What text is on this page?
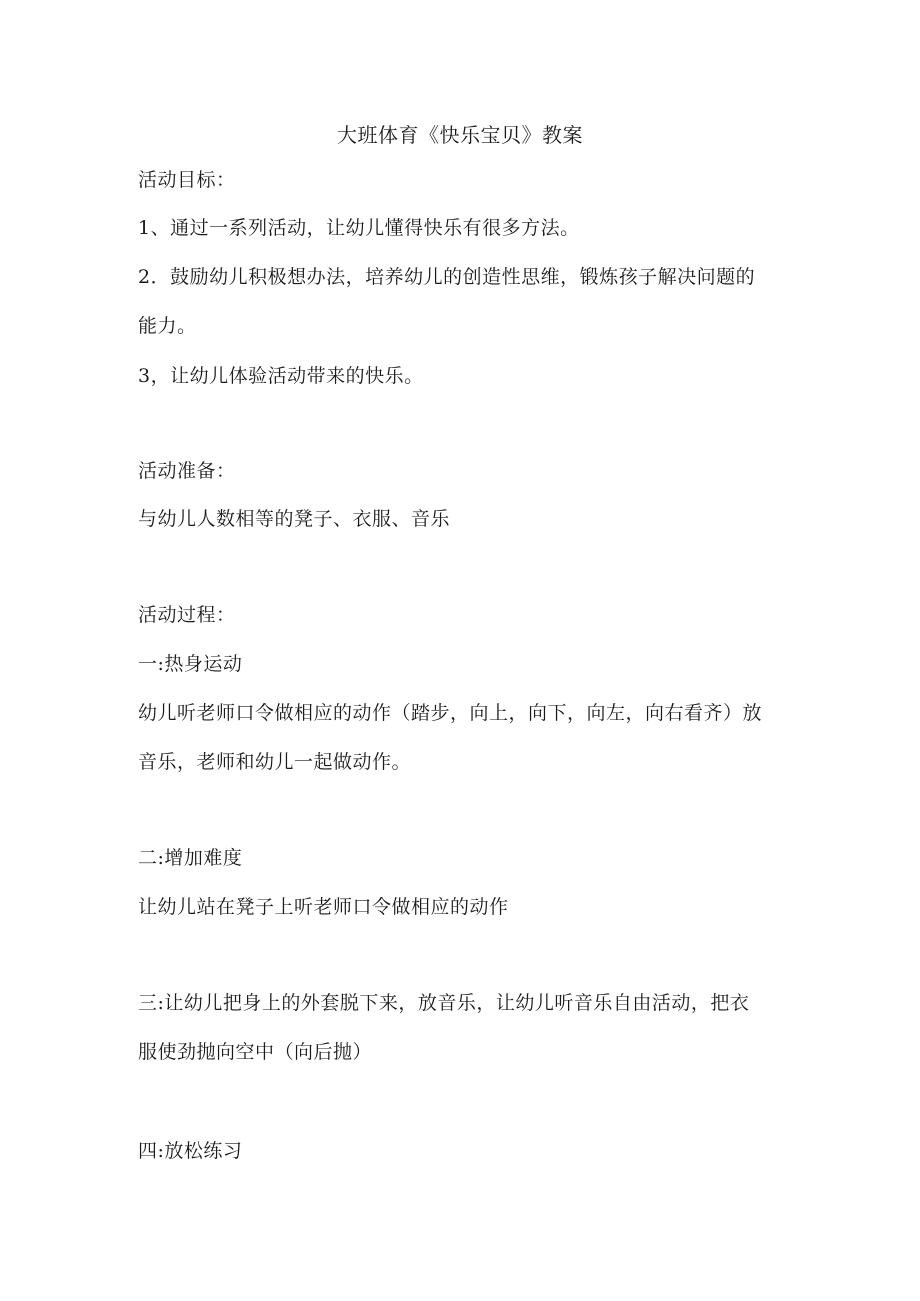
大班体育《快乐宝贝》教案
活动目标：
1、通过一系列活动，让幼儿懂得快乐有很多方法。
2．鼓励幼儿积极想办法，培养幼儿的创造性思维，锻炼孩子解决问题的
能力。
3，让幼儿体验活动带来的快乐。
活动准备：
与幼儿人数相等的凳子、衣服、音乐
活动过程：
一:热身运动
幼儿听老师口令做相应的动作（踏步，向上，向下，向左，向右看齐）放
音乐，老师和幼儿一起做动作。
二:增加难度
让幼儿站在凳子上听老师口令做相应的动作
三:让幼儿把身上的外套脱下来，放音乐，让幼儿听音乐自由活动，把衣
服使劲抛向空中（向后抛）
四:放松练习
